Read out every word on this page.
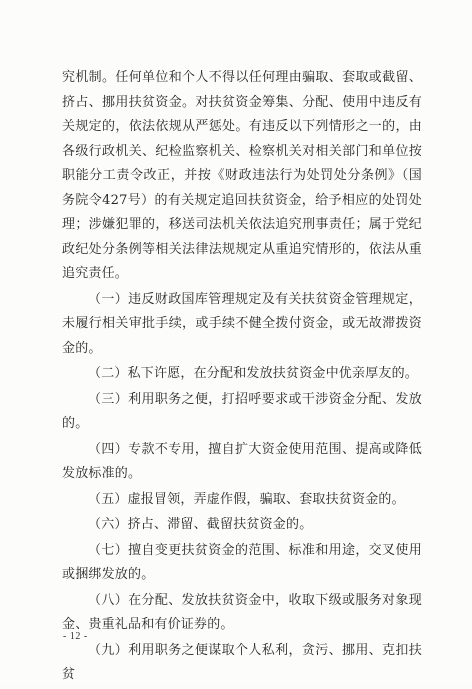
究机制。任何单位和个人不得以任何理由骗取、套取或截留、挤占、挪用扶贫资金。对扶贫资金筹集、分配、使用中违反有关规定的，依法依规从严惩处。有违反以下列情形之一的，由各级行政机关、纪检监察机关、检察机关对相关部门和单位按职能分工责令改正，并按《财政违法行为处罚处分条例》（国务院令427号）的有关规定追回扶贫资金，给予相应的处罚处理；涉嫌犯罪的，移送司法机关依法追究刑事责任；属于党纪政纪处分条例等相关法律法规规定从重追究情形的，依法从重追究责任。

（一）违反财政国库管理规定及有关扶贫资金管理规定，未履行相关审批手续，或手续不健全拨付资金，或无故滞拨资金的。

（二）私下许愿，在分配和发放扶贫资金中优亲厚友的。

（三）利用职务之便，打招呼要求或干涉资金分配、发放的。

（四）专款不专用，擅自扩大资金使用范围、提高或降低发放标准的。

（五）虚报冒领，弄虚作假，骗取、套取扶贫资金的。

（六）挤占、滞留、截留扶贫资金的。

（七）擅自变更扶贫资金的范围、标准和用途，交叉使用或捆绑发放的。

（八）在分配、发放扶贫资金中，收取下级或服务对象现金、贵重礼品和有价证券的。

（九）利用职务之便谋取个人私利，贪污、挪用、克扣扶贫

- 12 -
